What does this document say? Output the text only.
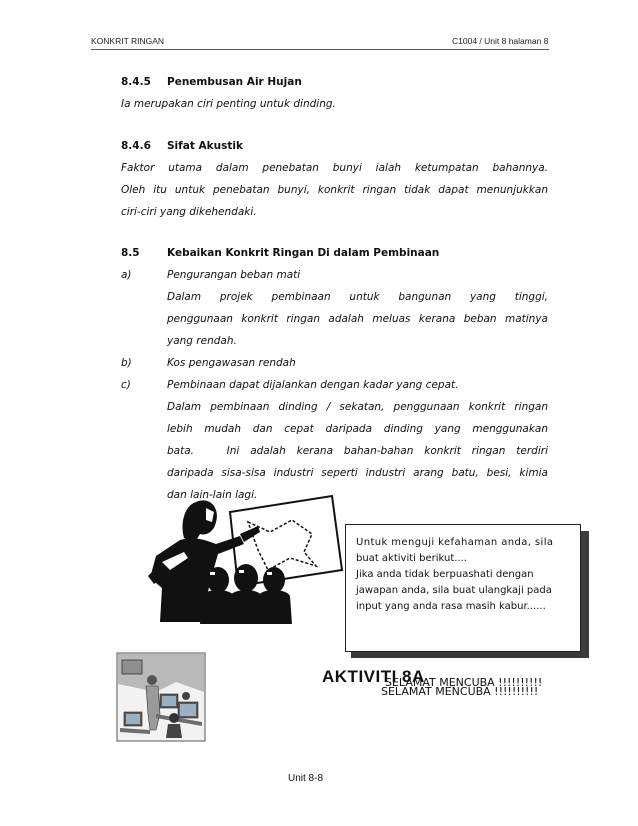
KONKRIT RINGAN	C1004 / Unit 8 halaman 8
8.4.5 Penembusan Air Hujan
Ia merupakan ciri penting untuk dinding.
8.4.6 Sifat Akustik
Faktor utama dalam penebatan bunyi ialah ketumpatan bahannya.
Oleh itu untuk penebatan bunyi, konkrit ringan tidak dapat menunjukkan
ciri-ciri yang dikehendaki.
8.5	Kebaikan Konkrit Ringan Di dalam Pembinaan
a)	Pengurangan beban mati
Dalam projek pembinaan untuk bangunan yang tinggi,
penggunaan konkrit ringan adalah meluas kerana beban matinya
yang rendah.
b)	Kos pengawasan rendah
c)	Pembinaan dapat dijalankan dengan kadar yang cepat.
Dalam pembinaan dinding / sekatan, penggunaan konkrit ringan
lebih mudah dan cepat daripada dinding yang menggunakan
bata.   Ini adalah kerana bahan-bahan konkrit ringan terdiri
daripada sisa-sisa industri seperti industri arang batu, besi, kimia
dan lain-lain lagi.
Untuk menguji kefahaman anda, sila
buat aktiviti berikut....
Jika anda tidak berpuashati dengan
jawapan anda, sila buat ulangkaji pada
input yang anda rasa masih kabur......
AKTIVITI 8A
SELAMAT MENCUBA !!!!!!!!!!
SELAMAT MENCUBA !!!!!!!!!!
Unit 8-8
